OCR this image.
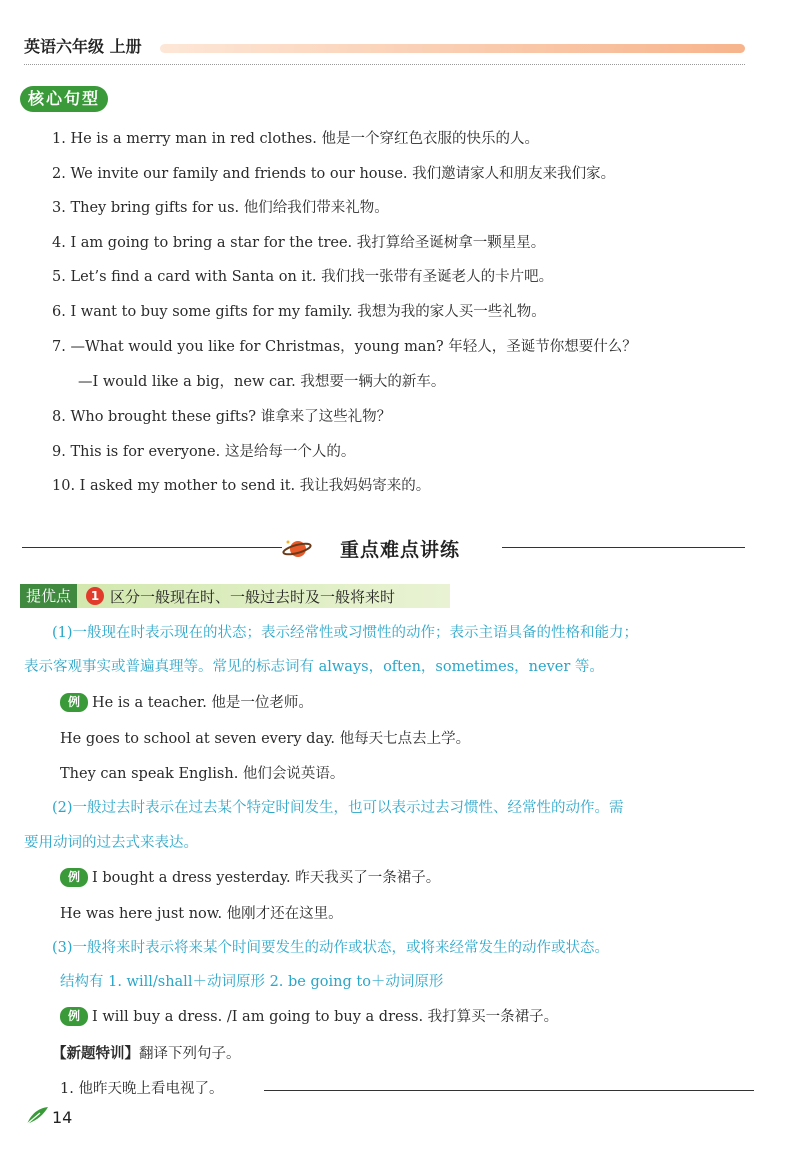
英语六年级 上册
核心句型
1. He is a merry man in red clothes. 他是一个穿红色衣服的快乐的人。
2. We invite our family and friends to our house. 我们邀请家人和朋友来我们家。
3. They bring gifts for us. 他们给我们带来礼物。
4. I am going to bring a star for the tree. 我打算给圣诞树拿一颗星星。
5. Let’s find a card with Santa on it. 我们找一张带有圣诞老人的卡片吧。
6. I want to buy some gifts for my family. 我想为我的家人买一些礼物。
7. —What would you like for Christmas，young man? 年轻人，圣诞节你想要什么？
—I would like a big，new car. 我想要一辆大的新车。
8. Who brought these gifts? 谁拿来了这些礼物？
9. This is for everyone. 这是给每一个人的。
10. I asked my mother to send it. 我让我妈妈寄来的。
重点难点讲练
提优点	1 区分一般现在时、一般过去时及一般将来时
(1)一般现在时表示现在的状态；表示经常性或习惯性的动作；表示主语具备的性格和能力；
表示客观事实或普遍真理等。常见的标志词有 always，often，sometimes，never 等。
例 He is a teacher. 他是一位老师。
He goes to school at seven every day. 他每天七点去上学。
They can speak English. 他们会说英语。
(2)一般过去时表示在过去某个特定时间发生，也可以表示过去习惯性、经常性的动作。需
要用动词的过去式来表达。
例 I bought a dress yesterday. 昨天我买了一条裙子。
He was here just now. 他刚才还在这里。
(3)一般将来时表示将来某个时间要发生的动作或状态，或将来经常发生的动作或状态。
结构有 1. will/shall＋动词原形 2. be going to＋动词原形
例 I will buy a dress. /I am going to buy a dress. 我打算买一条裙子。
【新题特训】翻译下列句子。
1. 他昨天晚上看电视了。
14
